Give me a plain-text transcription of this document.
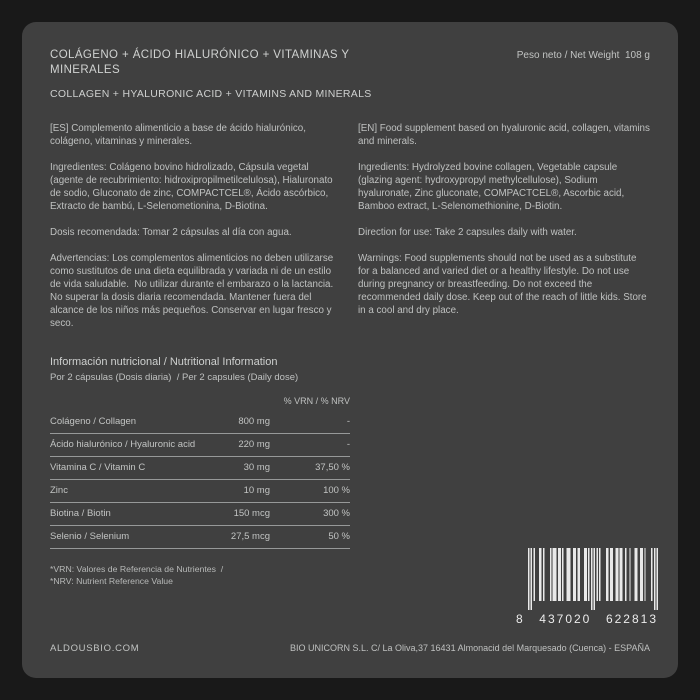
COLÁGENO + ÁCIDO HIALURÓNICO + VITAMINAS Y MINERALES
Peso neto / Net Weight  108 g
COLLAGEN + HYALURONIC ACID + VITAMINS AND MINERALS

[ES] Complemento alimenticio a base de ácido hialurónico, colágeno, vitaminas y minerales.

Ingredientes: Colágeno bovino hidrolizado, Cápsula vegetal (agente de recubrimiento: hidroxipropilmetilcelulosa), Hialuronato de sodio, Gluconato de zinc, COMPACTCEL®, Ácido ascórbico, Extracto de bambú, L-Selenometionina, D-Biotina.

Dosis recomendada: Tomar 2 cápsulas al día con agua.

Advertencias: Los complementos alimenticios no deben utilizarse como sustitutos de una dieta equilibrada y variada ni de un estilo de vida saludable.  No utilizar durante el embarazo o la lactancia. No superar la dosis diaria recomendada. Mantener fuera del alcance de los niños más pequeños. Conservar en lugar fresco y seco.

[EN] Food supplement based on hyaluronic acid, collagen, vitamins and minerals.

Ingredients: Hydrolyzed bovine collagen, Vegetable capsule (glazing agent: hydroxypropyl methylcellulose), Sodium hyaluronate, Zinc gluconate, COMPACTCEL®, Ascorbic acid, Bamboo extract, L-Selenomethionine, D-Biotin.

Direction for use: Take 2 capsules daily with water.

Warnings: Food supplements should not be used as a substitute for a balanced and varied diet or a healthy lifestyle. Do not use during pregnancy or breastfeeding. Do not exceed the recommended daily dose. Keep out of the reach of little kids. Store in a cool and dry place.

Información nutricional / Nutritional Information
Por 2 cápsulas (Dosis diaria)  / Per 2 capsules (Daily dose)
% VRN / % NRV
Colágeno / Collagen	800 mg	-
Ácido hialurónico / Hyaluronic acid	220 mg	-
Vitamina C / Vitamin C	30 mg	37,50 %
Zinc	10 mg	100 %
Biotina / Biotin	150 mcg	300 %
Selenio / Selenium	27,5 mcg	50 %
*VRN: Valores de Referencia de Nutrientes  /
*NRV: Nutrient Reference Value
8 437020 622813
ALDOUSBIO.COM	BIO UNICORN S.L. C/ La Oliva,37 16431 Almonacid del Marquesado (Cuenca) - ESPAÑA
